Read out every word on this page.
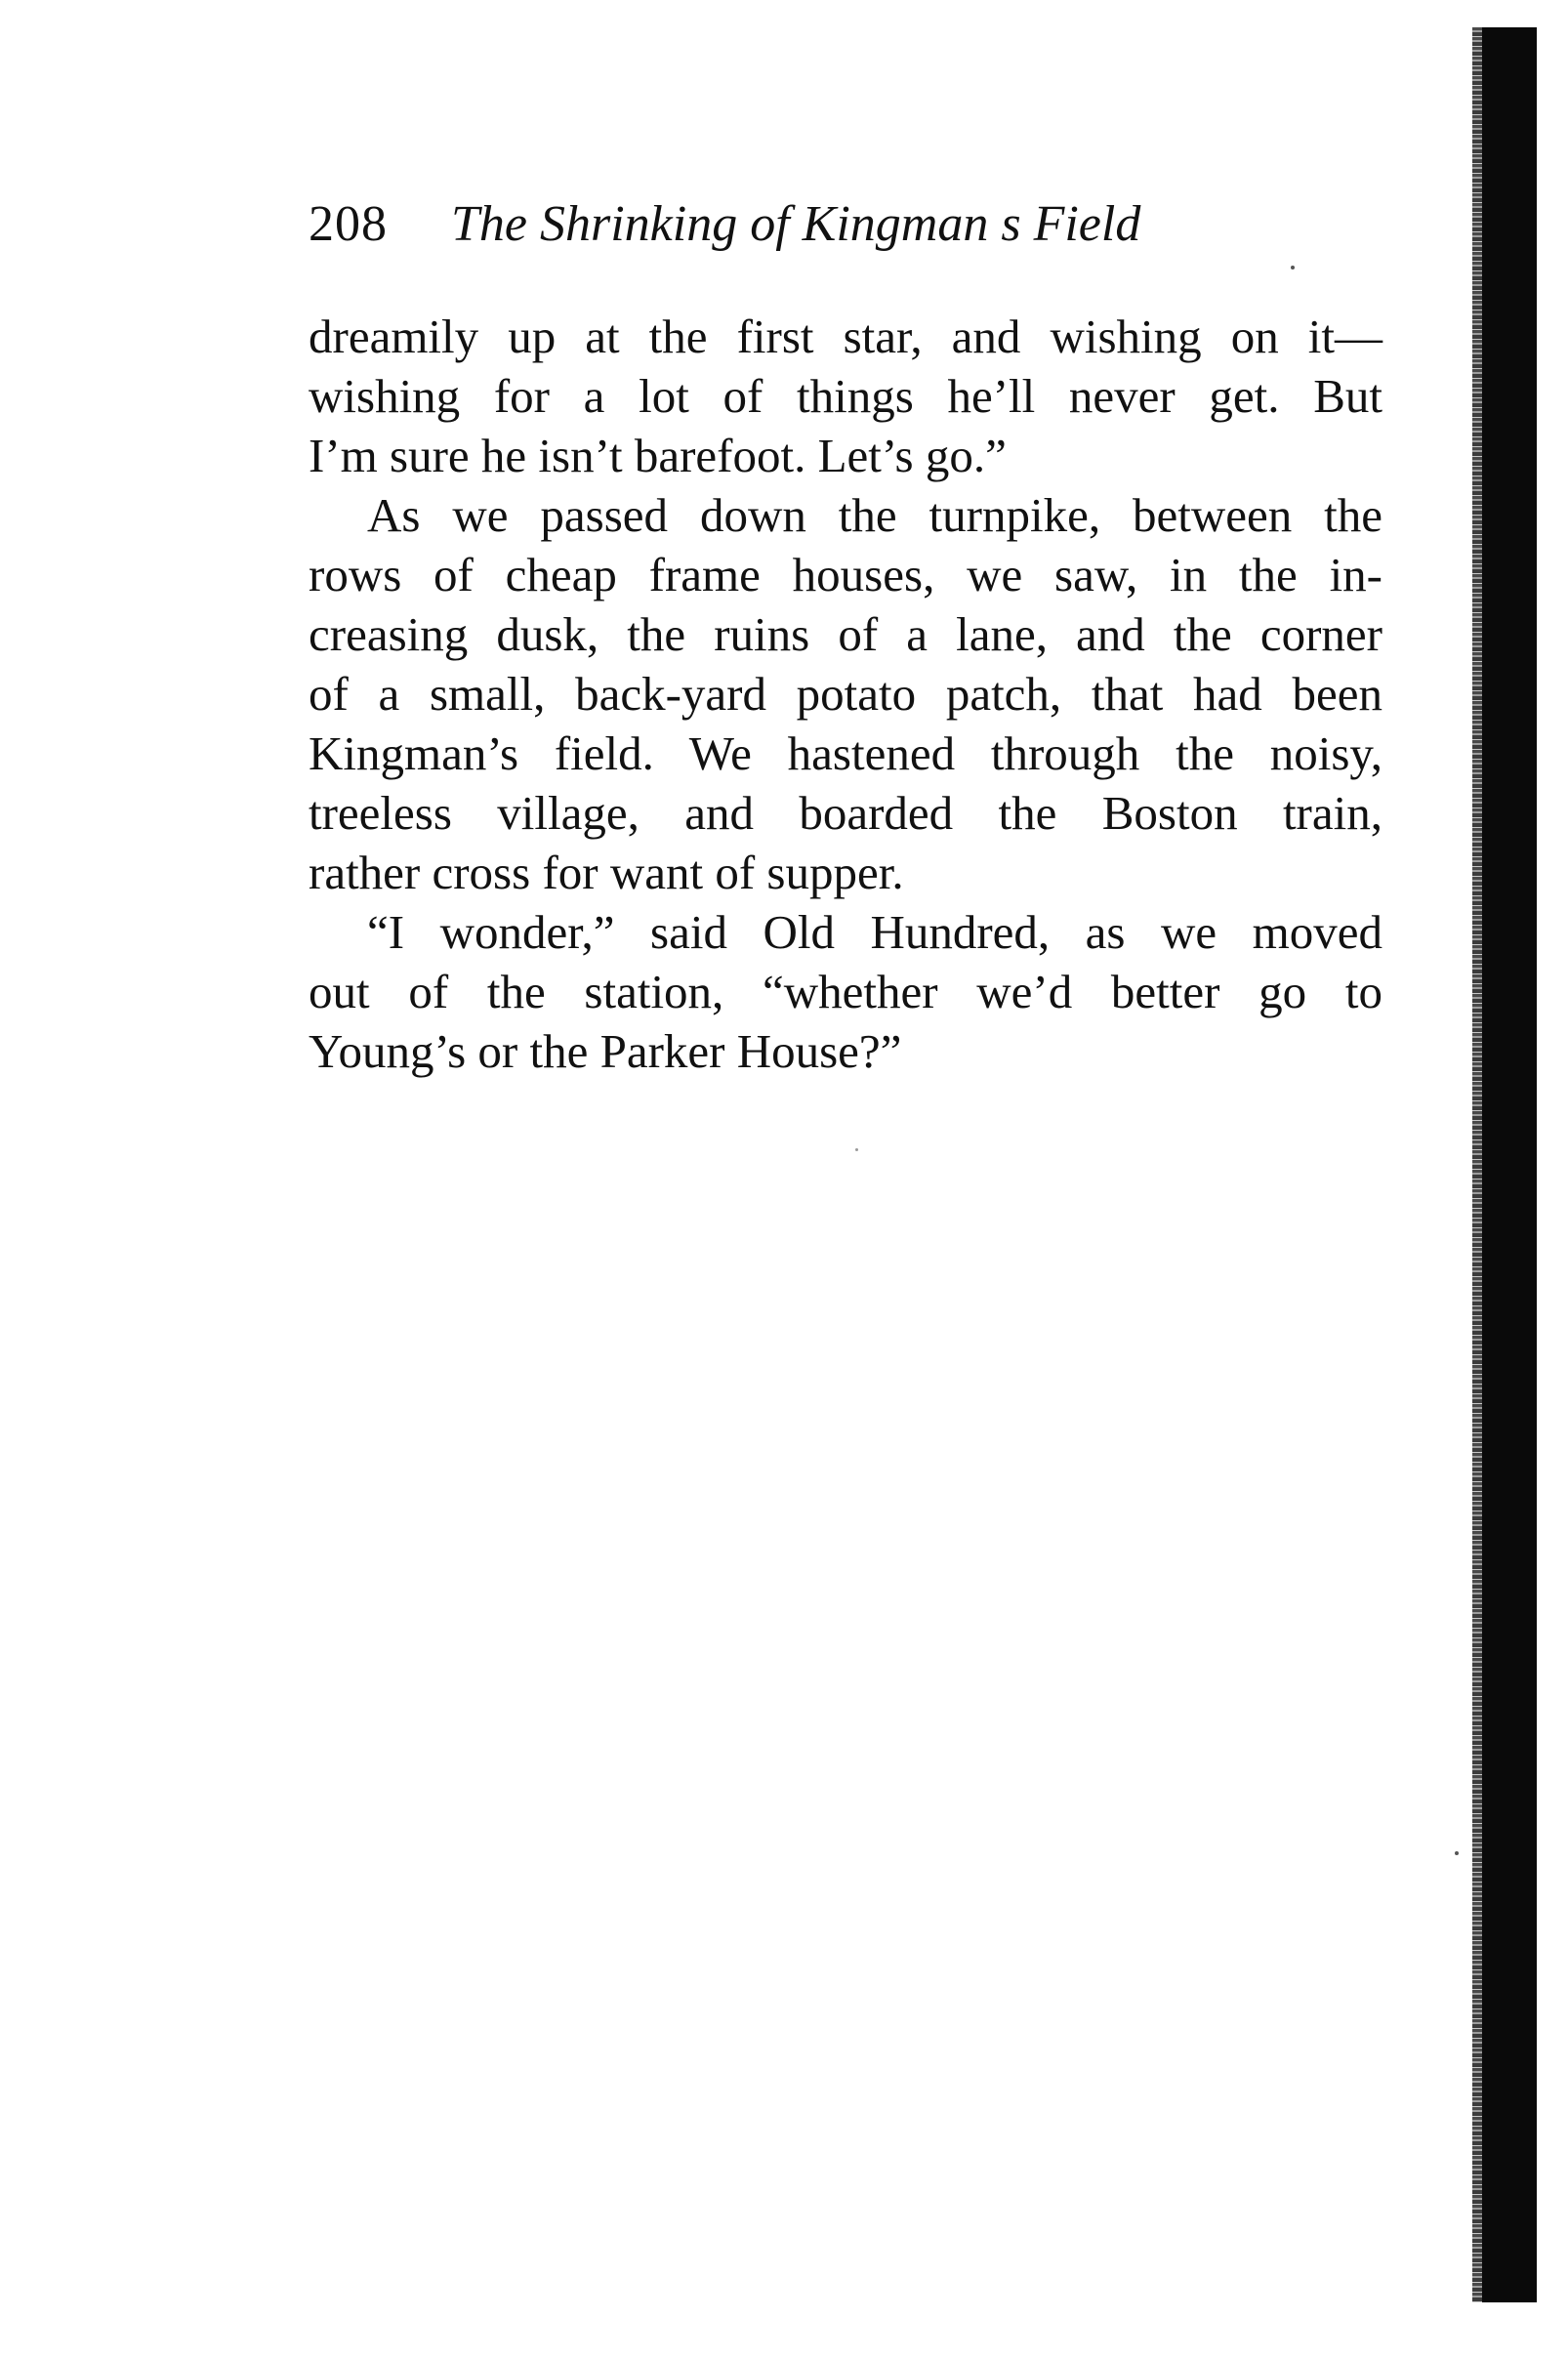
208 The Shrinking of Kingman s Field
dreamily up at the first star, and wishing on it—
wishing for a lot of things he’ll never get. But
I’m sure he isn’t barefoot. Let’s go.”
As we passed down the turnpike, between the
rows of cheap frame houses, we saw, in the in-
creasing dusk, the ruins of a lane, and the corner
of a small, back-yard potato patch, that had been
Kingman’s field. We hastened through the noisy,
treeless village, and boarded the Boston train,
rather cross for want of supper.
“I wonder,” said Old Hundred, as we moved
out of the station, “whether we’d better go to
Young’s or the Parker House?”
